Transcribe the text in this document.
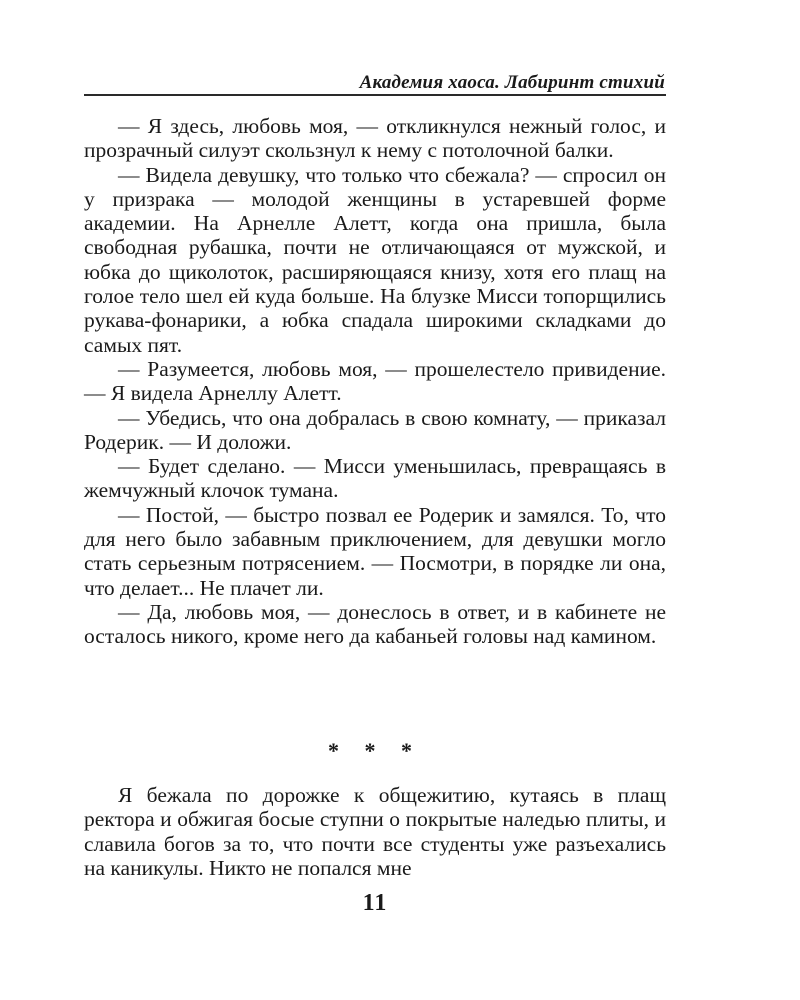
Академия хаоса. Лабиринт стихий

— Я здесь, любовь моя, — откликнулся нежный голос, и прозрачный силуэт скользнул к нему с потолочной балки.

— Видела девушку, что только что сбежала? — спросил он у призрака — молодой женщины в устаревшей форме академии. На Арнелле Алетт, когда она пришла, была свободная рубашка, почти не отличающаяся от мужской, и юбка до щиколоток, расширяющаяся книзу, хотя его плащ на голое тело шел ей куда больше. На блузке Мисси топорщились рукава-фонарики, а юбка спадала широкими складками до самых пят.

— Разумеется, любовь моя, — прошелестело привидение. — Я видела Арнеллу Алетт.

— Убедись, что она добралась в свою комнату, — приказал Родерик. — И доложи.

— Будет сделано. — Мисси уменьшилась, превращаясь в жемчужный клочок тумана.

— Постой, — быстро позвал ее Родерик и замялся. То, что для него было забавным приключением, для девушки могло стать серьезным потрясением. — Посмотри, в порядке ли она, что делает... Не плачет ли.

— Да, любовь моя, — донеслось в ответ, и в кабинете не осталось никого, кроме него да кабаньей головы над камином.

* * *

Я бежала по дорожке к общежитию, кутаясь в плащ ректора и обжигая босые ступни о покрытые наледью плиты, и славила богов за то, что почти все студенты уже разъехались на каникулы. Никто не попался мне

11
